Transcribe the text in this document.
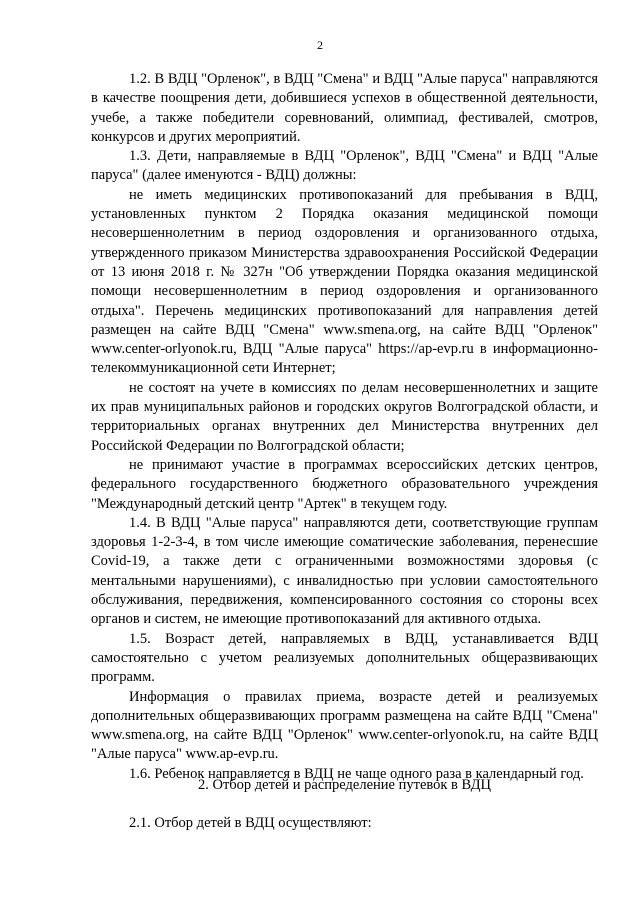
2

1.2. В ВДЦ "Орленок", в ВДЦ "Смена" и ВДЦ "Алые паруса" направляются в качестве поощрения дети, добившиеся успехов в общественной деятельности, учебе, а также победители соревнований, олимпиад, фестивалей, смотров, конкурсов и других мероприятий.

1.3. Дети, направляемые в ВДЦ "Орленок", ВДЦ "Смена" и ВДЦ "Алые паруса" (далее именуются - ВДЦ) должны:

не иметь медицинских противопоказаний для пребывания в ВДЦ, установленных пунктом 2 Порядка оказания медицинской помощи несовершеннолетним в период оздоровления и организованного отдыха, утвержденного приказом Министерства здравоохранения Российской Федерации от 13 июня 2018 г. № 327н "Об утверждении Порядка оказания медицинской помощи несовершеннолетним в период оздоровления и организованного отдыха". Перечень медицинских противопоказаний для направления детей размещен на сайте ВДЦ "Смена" www.smena.org, на сайте ВДЦ "Орленок" www.center-orlyonok.ru, ВДЦ "Алые паруса" https://ap-evp.ru в информационно-телекоммуникационной сети Интернет;

не состоят на учете в комиссиях по делам несовершеннолетних и защите их прав муниципальных районов и городских округов Волгоградской области, и территориальных органах внутренних дел Министерства внутренних дел Российской Федерации по Волгоградской области;

не принимают участие в программах всероссийских детских центров, федерального государственного бюджетного образовательного учреждения "Международный детский центр "Артек" в текущем году.

1.4. В ВДЦ "Алые паруса" направляются дети, соответствующие группам здоровья 1-2-3-4, в том числе имеющие соматические заболевания, перенесшие Covid-19, а также дети с ограниченными возможностями здоровья (с ментальными нарушениями), с инвалидностью при условии самостоятельного обслуживания, передвижения, компенсированного состояния со стороны всех органов и систем, не имеющие противопоказаний для активного отдыха.

1.5. Возраст детей, направляемых в ВДЦ, устанавливается ВДЦ самостоятельно с учетом реализуемых дополнительных общеразвивающих программ.

Информация о правилах приема, возрасте детей и реализуемых дополнительных общеразвивающих программ размещена на сайте ВДЦ "Смена" www.smena.org, на сайте ВДЦ "Орленок" www.center-orlyonok.ru, на сайте ВДЦ "Алые паруса" www.ap-evp.ru.

1.6. Ребенок направляется в ВДЦ не чаще одного раза в календарный год.

2. Отбор детей и распределение путевок в ВДЦ
2.1. Отбор детей в ВДЦ осуществляют:
